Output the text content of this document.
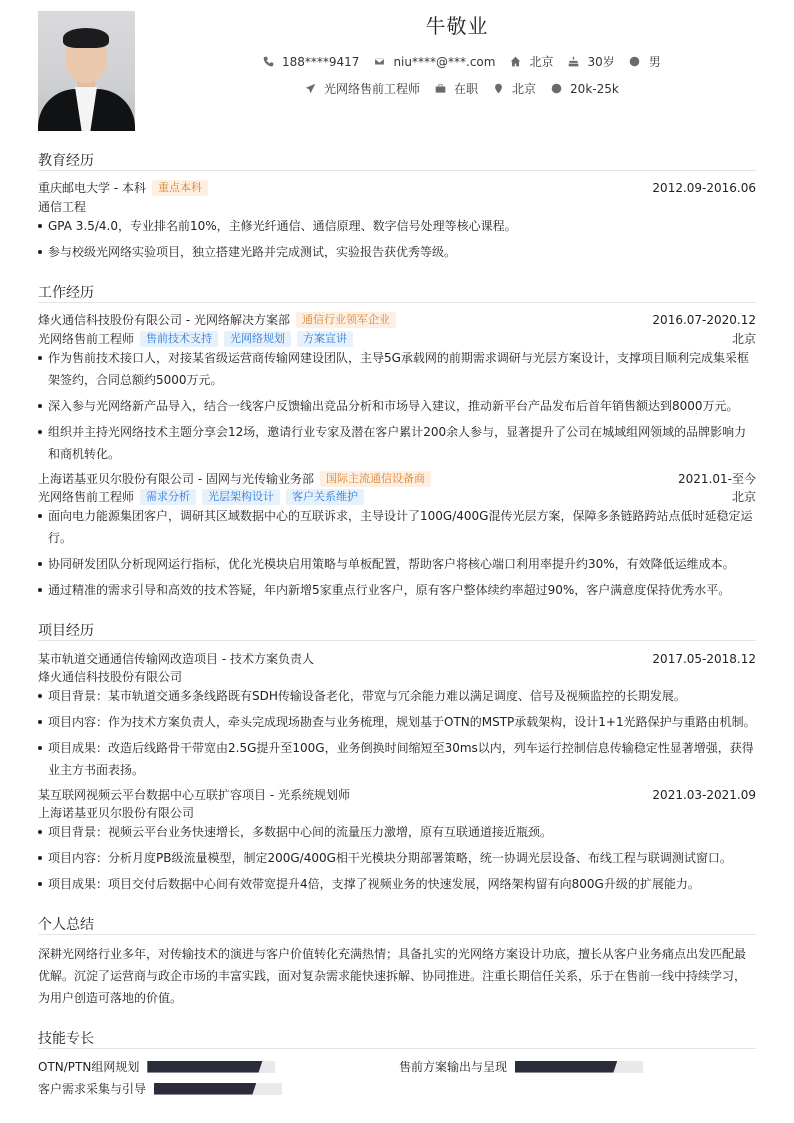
牛敬业
188****9417	niu****@***.com	北京	30岁	男
光网络售前工程师	在职	北京	20k-25k
教育经历
重庆邮电大学 - 本科	重点本科	2012.09-2016.06
通信工程
GPA 3.5/4.0，专业排名前10%，主修光纤通信、通信原理、数字信号处理等核心课程。
参与校级光网络实验项目，独立搭建光路并完成测试，实验报告获优秀等级。
工作经历
烽火通信科技股份有限公司 - 光网络解决方案部	通信行业领军企业	2016.07-2020.12
光网络售前工程师	售前技术支持	光网络规划	方案宣讲	北京
作为售前技术接口人，对接某省级运营商传输网建设团队，主导5G承载网的前期需求调研与光层方案设计，支撑项目顺利完成集采框架签约，合同总额约5000万元。
深入参与光网络新产品导入，结合一线客户反馈输出竞品分析和市场导入建议，推动新平台产品发布后首年销售额达到8000万元。
组织并主持光网络技术主题分享会12场，邀请行业专家及潜在客户累计200余人参与，显著提升了公司在城域组网领域的品牌影响力和商机转化。
上海诺基亚贝尔股份有限公司 - 固网与光传输业务部	国际主流通信设备商	2021.01-至今
光网络售前工程师	需求分析	光层架构设计	客户关系维护	北京
面向电力能源集团客户，调研其区域数据中心的互联诉求，主导设计了100G/400G混传光层方案，保障多条链路跨站点低时延稳定运行。
协同研发团队分析现网运行指标，优化光模块启用策略与单板配置，帮助客户将核心端口利用率提升约30%，有效降低运维成本。
通过精准的需求引导和高效的技术答疑，年内新增5家重点行业客户，原有客户整体续约率超过90%，客户满意度保持优秀水平。
项目经历
某市轨道交通通信传输网改造项目 - 技术方案负责人	2017.05-2018.12
烽火通信科技股份有限公司
项目背景：某市轨道交通多条线路既有SDH传输设备老化，带宽与冗余能力难以满足调度、信号及视频监控的长期发展。
项目内容：作为技术方案负责人，牵头完成现场勘查与业务梳理，规划基于OTN的MSTP承载架构，设计1+1光路保护与重路由机制。
项目成果：改造后线路骨干带宽由2.5G提升至100G，业务倒换时间缩短至30ms以内，列车运行控制信息传输稳定性显著增强，获得业主方书面表扬。
某互联网视频云平台数据中心互联扩容项目 - 光系统规划师	2021.03-2021.09
上海诺基亚贝尔股份有限公司
项目背景：视频云平台业务快速增长，多数据中心间的流量压力激增，原有互联通道接近瓶颈。
项目内容：分析月度PB级流量模型，制定200G/400G相干光模块分期部署策略，统一协调光层设备、布线工程与联调测试窗口。
项目成果：项目交付后数据中心间有效带宽提升4倍，支撑了视频业务的快速发展，网络架构留有向800G升级的扩展能力。
个人总结
深耕光网络行业多年，对传输技术的演进与客户价值转化充满热情；具备扎实的光网络方案设计功底，擅长从客户业务痛点出发匹配最优解。沉淀了运营商与政企市场的丰富实践，面对复杂需求能快速拆解、协同推进。注重长期信任关系，乐于在售前一线中持续学习，为用户创造可落地的价值。
技能专长
OTN/PTN组网规划	售前方案输出与呈现
客户需求采集与引导
